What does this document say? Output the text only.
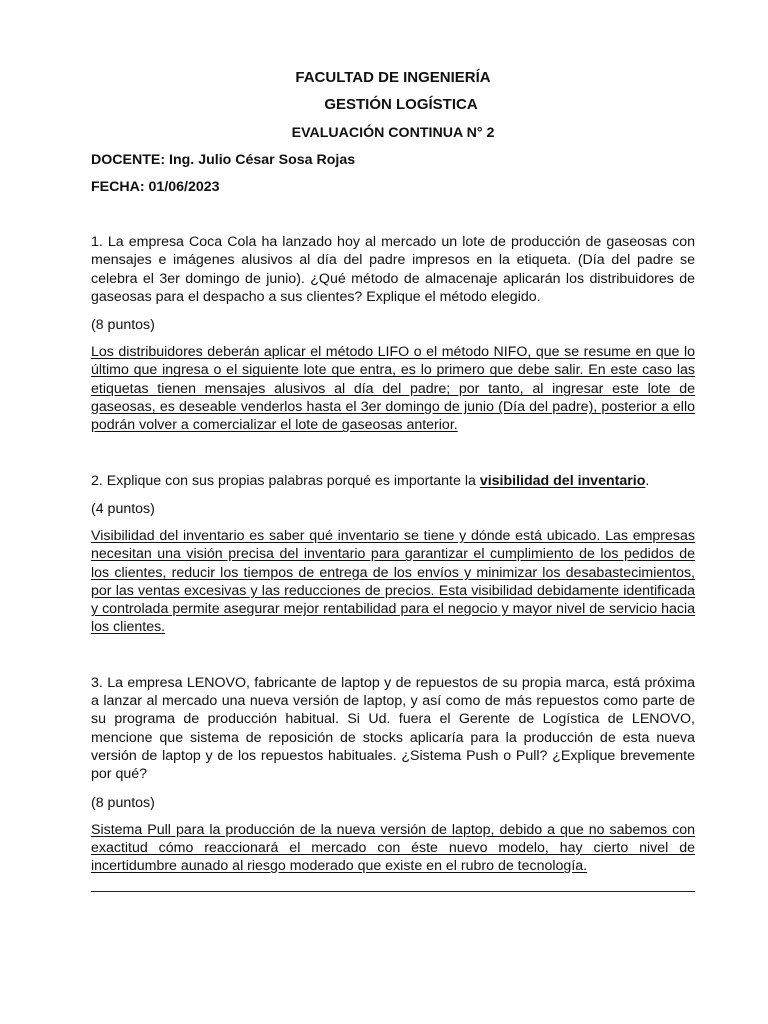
FACULTAD DE INGENIERÍA
GESTIÓN LOGÍSTICA
EVALUACIÓN CONTINUA N° 2
DOCENTE: Ing. Julio César Sosa Rojas
FECHA: 01/06/2023
1. La empresa Coca Cola ha lanzado hoy al mercado un lote de producción de gaseosas con mensajes e imágenes alusivos al día del padre impresos en la etiqueta. (Día del padre se celebra el 3er domingo de junio). ¿Qué método de almacenaje aplicarán los distribuidores de gaseosas para el despacho a sus clientes? Explique el método elegido.
(8 puntos)
Los distribuidores deberán aplicar el método LIFO o el método NIFO, que se resume en que lo último que ingresa o el siguiente lote que entra, es lo primero que debe salir. En este caso las etiquetas tienen mensajes alusivos al día del padre; por tanto, al ingresar este lote de gaseosas, es deseable venderlos hasta el 3er domingo de junio (Día del padre), posterior a ello podrán volver a comercializar el lote de gaseosas anterior.
2. Explique con sus propias palabras porqué es importante la visibilidad del inventario.
(4 puntos)
Visibilidad del inventario es saber qué inventario se tiene y dónde está ubicado. Las empresas necesitan una visión precisa del inventario para garantizar el cumplimiento de los pedidos de los clientes, reducir los tiempos de entrega de los envíos y minimizar los desabastecimientos, por las ventas excesivas y las reducciones de precios. Esta visibilidad debidamente identificada y controlada permite asegurar mejor rentabilidad para el negocio y mayor nivel de servicio hacia los clientes.
3. La empresa LENOVO, fabricante de laptop y de repuestos de su propia marca, está próxima a lanzar al mercado una nueva versión de laptop, y así como de más repuestos como parte de su programa de producción habitual. Si Ud. fuera el Gerente de Logística de LENOVO, mencione que sistema de reposición de stocks aplicaría para la producción de esta nueva versión de laptop y de los repuestos habituales. ¿Sistema Push o Pull? ¿Explique brevemente por qué?
(8 puntos)
Sistema Pull para la producción de la nueva versión de laptop, debido a que no sabemos con exactitud cómo reaccionará el mercado con éste nuevo modelo, hay cierto nivel de incertidumbre aunado al riesgo moderado que existe en el rubro de tecnología.
